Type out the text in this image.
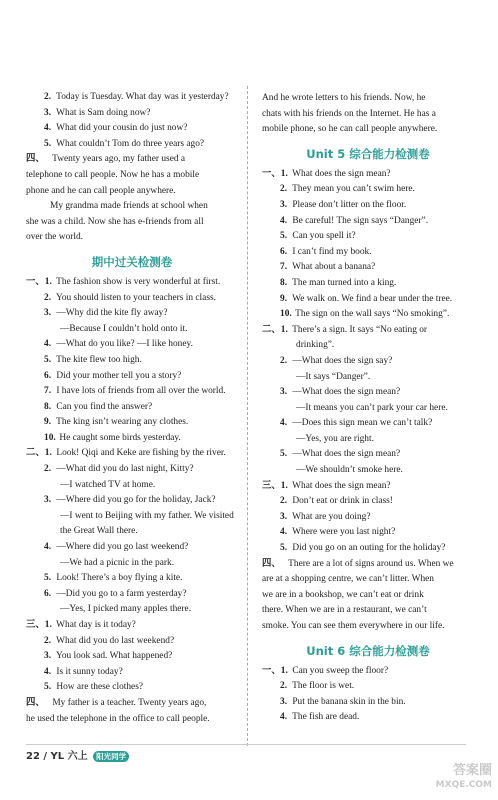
2. Today is Tuesday. What day was it yesterday?
3. What is Sam doing now?
4. What did your cousin do just now?
5. What couldn’t Tom do three years ago?
四、 Twenty years ago, my father used a
telephone to call people. Now he has a mobile
phone and he can call people anywhere.
My grandma made friends at school when
she was a child. Now she has e-friends from all
over the world.
期中过关检测卷
一、1. The fashion show is very wonderful at first.
2. You should listen to your teachers in class.
3. —Why did the kite fly away?
—Because I couldn’t hold onto it.
4. —What do you like? —I like honey.
5. The kite flew too high.
6. Did your mother tell you a story?
7. I have lots of friends from all over the world.
8. Can you find the answer?
9. The king isn’t wearing any clothes.
10. He caught some birds yesterday.
二、1. Look! Qiqi and Keke are fishing by the river.
2. —What did you do last night, Kitty?
—I watched TV at home.
3. —Where did you go for the holiday, Jack?
—I went to Beijing with my father. We visited
the Great Wall there.
4. —Where did you go last weekend?
—We had a picnic in the park.
5. Look! There’s a boy flying a kite.
6. —Did you go to a farm yesterday?
—Yes, I picked many apples there.
三、1. What day is it today?
2. What did you do last weekend?
3. You look sad. What happened?
4. Is it sunny today?
5. How are these clothes?
四、 My father is a teacher. Twenty years ago,
he used the telephone in the office to call people.
And he wrote letters to his friends. Now, he
chats with his friends on the Internet. He has a
mobile phone, so he can call people anywhere.
Unit 5 综合能力检测卷
一、1. What does the sign mean?
2. They mean you can’t swim here.
3. Please don’t litter on the floor.
4. Be careful! The sign says “Danger”.
5. Can you spell it?
6. I can’t find my book.
7. What about a banana?
8. The man turned into a king.
9. We walk on. We find a bear under the tree.
10. The sign on the wall says “No smoking”.
二、1. There’s a sign. It says “No eating or
drinking”.
2. —What does the sign say?
—It says “Danger”.
3. —What does the sign mean?
—It means you can’t park your car here.
4. —Does this sign mean we can’t talk?
—Yes, you are right.
5. —What does the sign mean?
—We shouldn’t smoke here.
三、1. What does the sign mean?
2. Don’t eat or drink in class!
3. What are you doing?
4. Where were you last night?
5. Did you go on an outing for the holiday?
四、 There are a lot of signs around us. When we
are at a shopping centre, we can’t litter. When
we are in a bookshop, we can’t eat or drink
there. When we are in a restaurant, we can’t
smoke. You can see them everywhere in our life.
Unit 6 综合能力检测卷
一、1. Can you sweep the floor?
2. The floor is wet.
3. Put the banana skin in the bin.
4. The fish are dead.
22 / YL 六上 阳光同学
答案圈
MXQE.COM
